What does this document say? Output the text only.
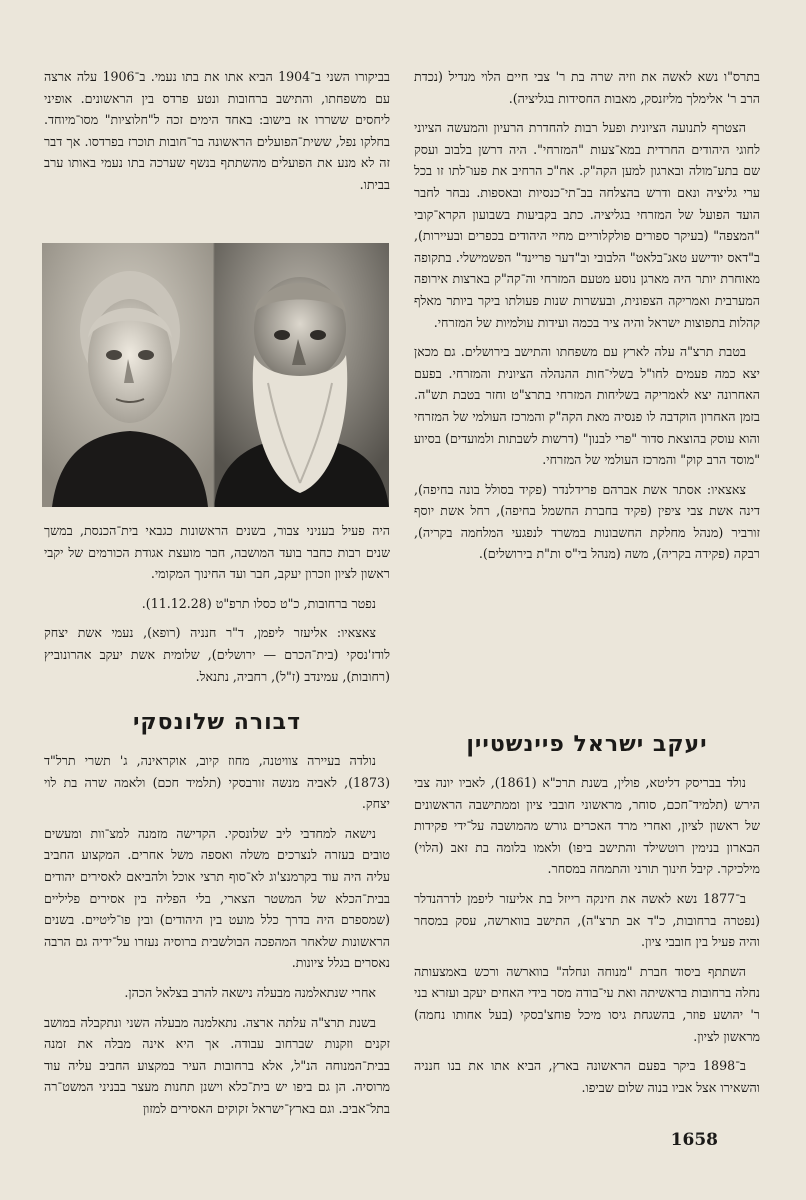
בתרס"ו נשא לאשה את וזיה שרה בת ר' צבי חיים הלוי מנדיל (נכדת הרב ר' אלימלך מליזנסק, מאבות החסידות בגליציה).

הצטרף לתנועה הציונית ופעל רבות להחדרת הרעיון והמעשה הציוני לחוגי היהודים החרדית במא־צעות "המזרחי". היה דרשן בלבוב ועסק שם בתע־מולה ובארגון למען הקה"ק. אח"כ הרחיב את פעו־לתו זו בכל ערי גליציה ונאם ודרש בהצלחה בב־תי־כנסיות ובאספות. נבחר לחבר הועד הפועל של המזרחי בגליציה. כתב בקביעות בשבועון הקרא־קובי "המצפה" (בעיקר ספורים פולקלוריים מחיי היהודים בכפרים ובעיירות), ב"דאס יודישע טאג־בלאט" הלבובי וב"דער פריינד" הפשמישלי. בתקופה מאוחרת יותר היה מארגן נוסע מטעם המזרחי וה־קה"ק בארצות אירופה המערבית ואמריקה הצפונית, ובעשרות שנות פעולתו ביקר ביותר מאלף קהלות בתפוצות ישראל והיה ציר בכמה ועידות עולמיות של המזרחי.

בטבת תרצ"ה עלה לארץ עם משפחתו והתישב בירושלים. גם מכאן יצא כמה פעמים לחו"ל בשלי־חות ההנהלה הציונית והמזרחי. בפעם האחרונה יצא לאמריקה בשליחות המזרחי בתרצ"ט וחזר בטבת תש"ה. בזמן האחרון הוקדבה לו פנסיה מאת הקה"ק והמרכז העולמי של המזרחי והוא עוסק בהוצאת סדור "פרי לבנון" (דרשות לשבתות ולמועדים) בסיוע "מוסד הרב קוק" והמרכז העולמי של המזרחי.

צאצאיו: אסתר אשת אברהם פרידלנדר (פקיד בסולל בונה בחיפה), דינה אשת צבי ציפין (פקיד בחברת החשמל בחיפה), רחל אשת יוסף זורביר (מנהל מחלקת החשבונות במשרד לנפגעי המלחמה בקריה), רבקה (פקידה בקריה), משה (מנהל בי"ס ות"ת בירושלים).

יעקב ישראל פיינשטיין

נולד בבריסק דליטא, פולין, בשנת תרכ"א (1861), לאביו יונה צבי הירש (תלמיד־חכם, סוחר, מראשוני חובבי ציון וממתישבה הראשונים של ראשון לציון, ואחרי מרד האכרים גורש מהמושבה על־ידי פקידות הבארון בנימין רוטשילד והתישב ביפו) ולאמו בלומה בת זאב (הלוי) מילכיקר. קיבל חינוך תורני והתמחה במסחר.

ב־1877 נשא לאשה את חינקה רייזל בת אליעזר ליפמן לדרהנדלר (נפטרה ברחובות, כ"ד אב תרצ"ה), התישב בווארשה, עסק במסחר והיה פעיל בין חובבי ציון.

השתתף ביסוד חברת "מנוחה ונחלה" בווארשה ורכש באמצעותה נחלה ברחובות בראשיתה ואת עי־בודה מסר בידי האחים יעקב ועזרא בני ר' יהושע פוזר, בהשגחת גיסו מיכל פוחצ'בסקי (בעל אחותו נחמה) מראשון לציון.

ב־1898 ביקר בפעם הראשונה בארץ, הביא אתו את בנו חנניה והשאירו אצל אביו בנוה שלום שביפו.

בביקורו השני ב־1904 הביא אתו את בתו נעמי. ב־1906 עלה ארצה עם משפחתו, והתישב ברחובות ונטע פרדס בין הראשונים. אופיני ליחסים ששררו אז בישוב: באחד הימים זכה ל"חלוציות" מסו־מיוחד. בחלקו נפל, ששית־הפועלים הראשונה בר־חובות תוכרז בפרדסו. אך דבר זה לא מנע את הפועלים מהשתתף בנשף שערכה בתו נעמי באותו ערב בביתו.

היה פעיל בעניני צבור, בשנים הראשונות כגבאי בית־הכנסת, במשך שנים רבות כחבר בועד המושבה, חבר מועצת אגודת הכורמים של יקבי ראשון לציון וזכרון יעקב, חבר ועד החינוך המקומי.

נפטר ברחובות, כ"ט כסלו תרפ"ט (11.12.28).

צאצאיו: אליעזר ליפמן, ד"ר חנניה (רופא), נעמי אשת יצחק לודז'נסקי (בית־הכרם — ירושלים), שלומית אשת יעקב אהרונוביץ (רחובות), עמינדב (ז"ל), רחביה, נתנאל.

דבורה שלונסקי

נולדה בעיירה צוויטנה, מחוז קיוב, אוקראינה, ג' תשרי תרל"ד (1873), לאביה מנשה זורבסקי (תלמיד חכם) ולאמה שרה בת לוי יצחק.

נישאה למחדבי ליב שלונסקי. הקדישה מזמנה למצ־וות ומעשים טובים בעזרה לנצרכים משלה ואספה משל אחרים. המקצוע החביב עליה היה עוד בקרמנצ'וג לא־סוף תרצי אוכל ולהביאם לאסירים יהודים בבית־הכלא של המשטר הצארי, בלי הפליה בין אסירים פליליים (שמספרם היה בדרך כלל מועט בין היהודים) ובין פו־ליטיים. בשנים הראשונות שלאחר המהפכה הבולשבית ברוסיה נעזרו על־ידיה גם הרבה נאסרים בגלל ציונות.

אחרי שנתאלמנה מבעלה נישאה להרב בצלאל הכהן.

בשנת תרצ"ה עלתה ארצה. נתאלמנה מבעלה השני ונתקבלה במושב זקנים וזקנות שברחוב עבודה. אך היא אינה מבלה את זמנה בבית־המנוחה הנ"ל, אלא ברחובות העיר במקצוע החביב עליה עוד מרוסיה. הן גם ביפו יש בית־כלא וישנן תחנות מעצר בבניני המשט־רה בתל־אביב. וגם בארץ־ישראל זקוקים האסירים למזון

1658
